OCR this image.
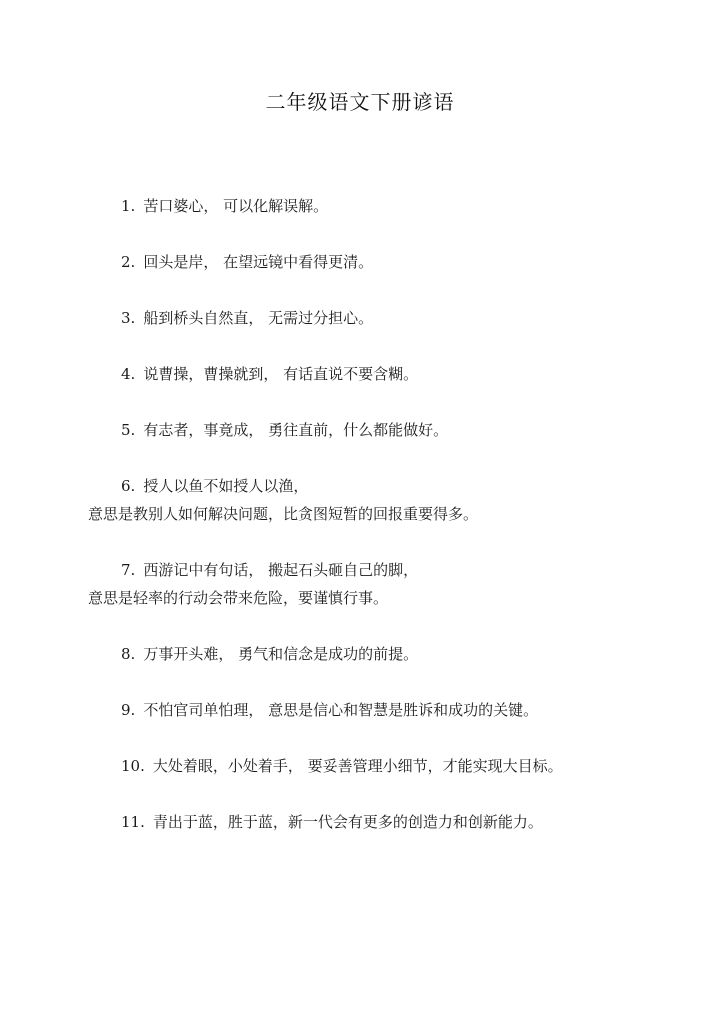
二年级语文下册谚语
1. 苦口婆心， 可以化解误解。
2. 回头是岸， 在望远镜中看得更清。
3. 船到桥头自然直， 无需过分担心。
4. 说曹操，曹操就到， 有话直说不要含糊。
5. 有志者，事竟成， 勇往直前，什么都能做好。
6. 授人以鱼不如授人以渔，
意思是教别人如何解决问题，比贪图短暂的回报重要得多。
7. 西游记中有句话， 搬起石头砸自己的脚，
意思是轻率的行动会带来危险，要谨慎行事。
8. 万事开头难， 勇气和信念是成功的前提。
9. 不怕官司单怕理， 意思是信心和智慧是胜诉和成功的关键。
10. 大处着眼，小处着手， 要妥善管理小细节，才能实现大目标。
11. 青出于蓝，胜于蓝，新一代会有更多的创造力和创新能力。
